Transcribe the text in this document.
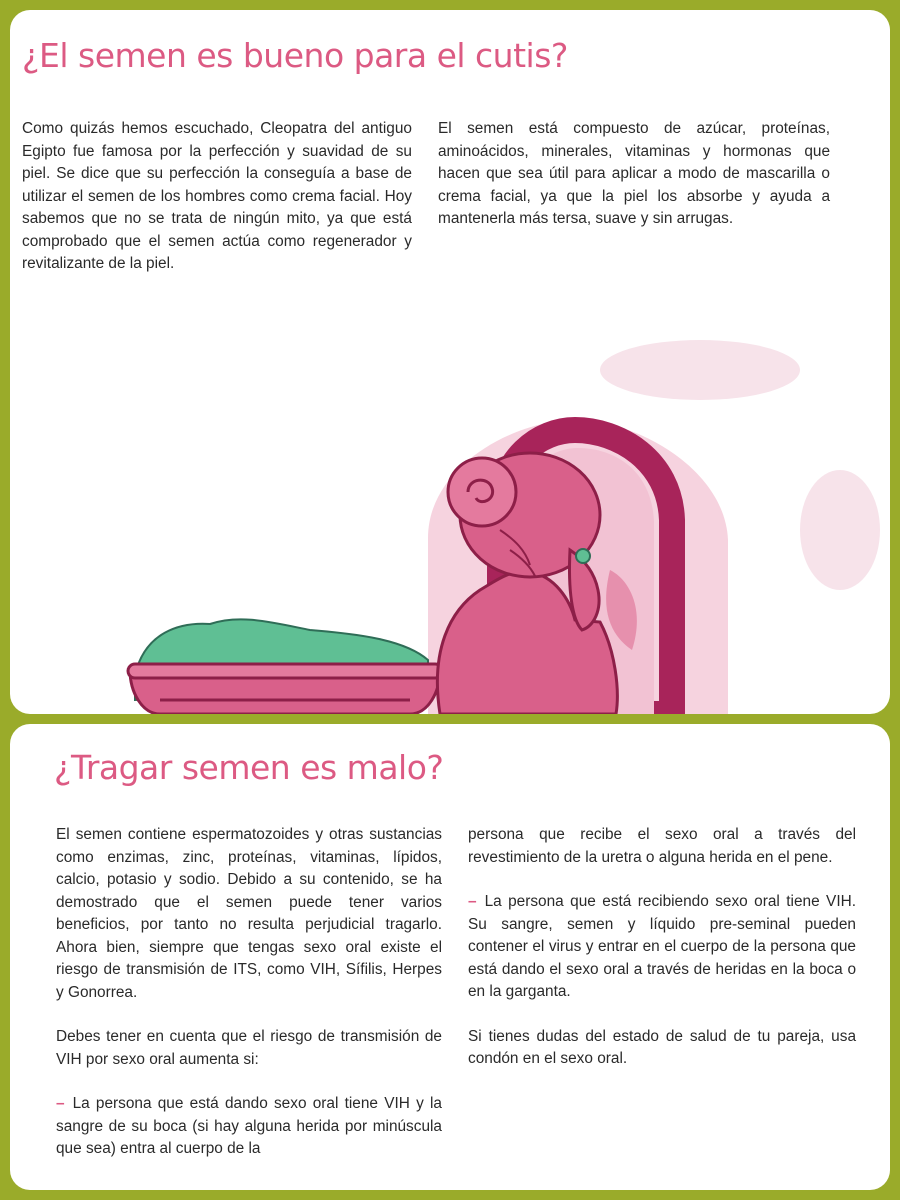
¿El semen es bueno para el cutis?

Como quizás hemos escuchado, Cleopatra del antiguo Egipto fue famosa por la perfección y suavidad de su piel. Se dice que su perfección la conseguía a base de utilizar el semen de los hombres como crema facial. Hoy sabemos que no se trata de ningún mito, ya que está comprobado que el semen actúa como regenerador y revitalizante de la piel.

El semen está compuesto de azúcar, proteínas, aminoácidos, minerales, vitaminas y hormonas que hacen que sea útil para aplicar a modo de mascarilla o crema facial, ya que la piel los absorbe y ayuda a mantenerla más tersa, suave y sin arrugas.

¿Tragar semen es malo?

El semen contiene espermatozoides y otras sustancias como enzimas, zinc, proteínas, vitaminas, lípidos, calcio, potasio y sodio. Debido a su contenido, se ha demostrado que el semen puede tener varios beneficios, por tanto no resulta perjudicial tragarlo. Ahora bien, siempre que tengas sexo oral existe el riesgo de transmisión de ITS, como VIH, Sífilis, Herpes y Gonorrea.

Debes tener en cuenta que el riesgo de transmisión de VIH por sexo oral aumenta si:

– La persona que está dando sexo oral tiene VIH y la sangre de su boca (si hay alguna herida por minúscula que sea) entra al cuerpo de la

persona que recibe el sexo oral a través del revestimiento de la uretra o alguna herida en el pene.

– La persona que está recibiendo sexo oral tiene VIH. Su sangre, semen y líquido pre-seminal pueden contener el virus y entrar en el cuerpo de la persona que está dando el sexo oral a través de heridas en la boca o en la garganta.

Si tienes dudas del estado de salud de tu pareja, usa condón en el sexo oral.
